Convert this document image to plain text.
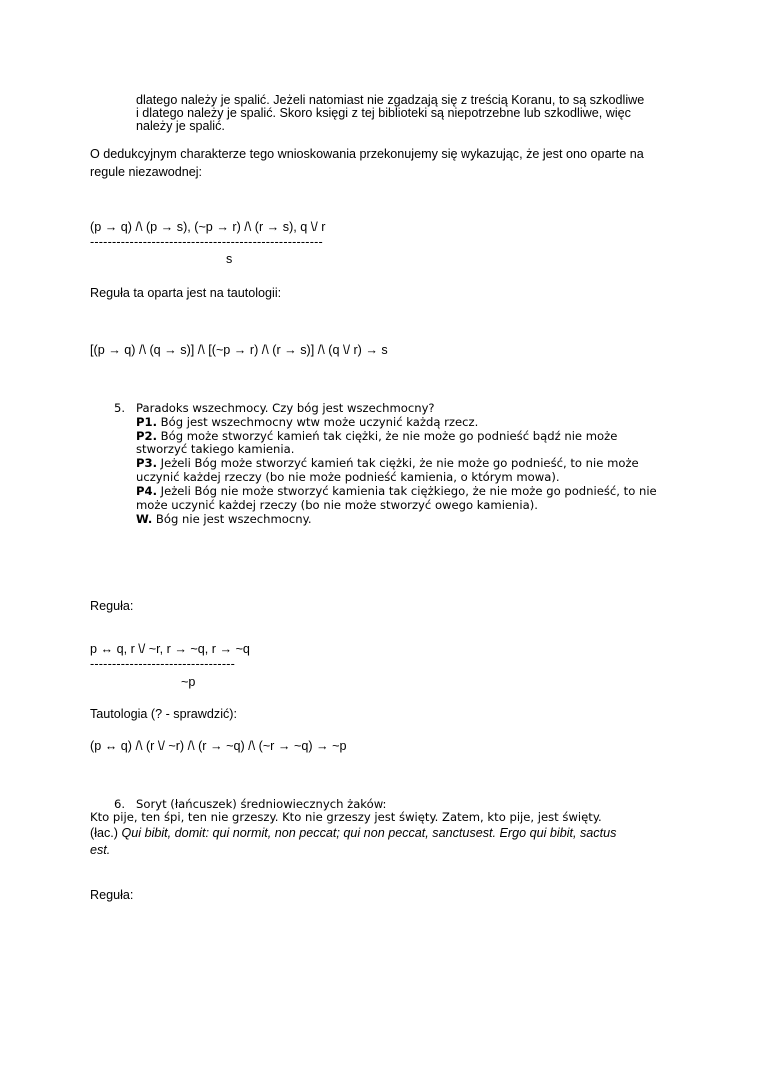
dlatego należy je spalić. Jeżeli natomiast nie zgadzają się z treścią Koranu, to są szkodliwe
i dlatego należy je spalić. Skoro księgi z tej biblioteki są niepotrzebne lub szkodliwe, więc
należy je spalić.
O dedukcyjnym charakterze tego wnioskowania przekonujemy się wykazując, że jest ono oparte na
regule niezawodnej:
(p → q) /\ (p → s), (~p → r) /\ (r → s), q \/ r
-----------------------------------------------------
s
Reguła ta oparta jest na tautologii:
[(p → q) /\ (q → s)] /\ [(~p → r) /\ (r → s)] /\ (q \/ r) → s
5. Paradoks wszechmocy. Czy bóg jest wszechmocny?
P1. Bóg jest wszechmocny wtw może uczynić każdą rzecz.
P2. Bóg może stworzyć kamień tak ciężki, że nie może go podnieść bądź nie może
stworzyć takiego kamienia.
P3. Jeżeli Bóg może stworzyć kamień tak ciężki, że nie może go podnieść, to nie może
uczynić każdej rzeczy (bo nie może podnieść kamienia, o którym mowa).
P4. Jeżeli Bóg nie może stworzyć kamienia tak ciężkiego, że nie może go podnieść, to nie
może uczynić każdej rzeczy (bo nie może stworzyć owego kamienia).
W. Bóg nie jest wszechmocny.
Reguła:
p ↔ q, r \/ ~r, r → ~q, r → ~q
---------------------------------
~p
Tautologia (? - sprawdzić):
(p ↔ q) /\ (r \/ ~r) /\ (r → ~q) /\ (~r → ~q) → ~p
6. Soryt (łańcuszek) średniowiecznych żaków:
Kto pije, ten śpi, ten nie grzeszy. Kto nie grzeszy jest święty. Zatem, kto pije, jest święty.
(łac.) Qui bibit, domit: qui normit, non peccat; qui non peccat, sanctusest. Ergo qui bibit, sactus
est.
Reguła:
